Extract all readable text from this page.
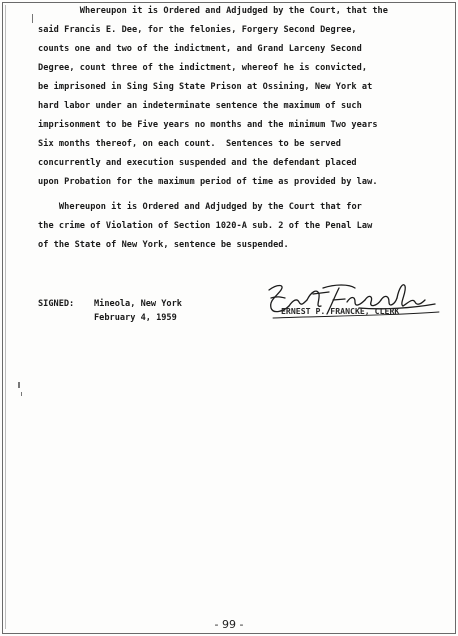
Whereupon it is Ordered and Adjudged by the Court, that the
said Francis E. Dee, for the felonies, Forgery Second Degree,
counts one and two of the indictment, and Grand Larceny Second
Degree, count three of the indictment, whereof he is convicted,
be imprisoned in Sing Sing State Prison at Ossining, New York at
hard labor under an indeterminate sentence the maximum of such
imprisonment to be Five years no months and the minimum Two years
Six months thereof, on each count.  Sentences to be served
concurrently and execution suspended and the defendant placed
upon Probation for the maximum period of time as provided by law.
Whereupon it is Ordered and Adjudged by the Court that for
the crime of Violation of Section 1020-A sub. 2 of the Penal Law
of the State of New York, sentence be suspended.
SIGNED: Mineola, New York
February 4, 1959
ERNEST P. FRANCKE, CLERK
- 99 -
